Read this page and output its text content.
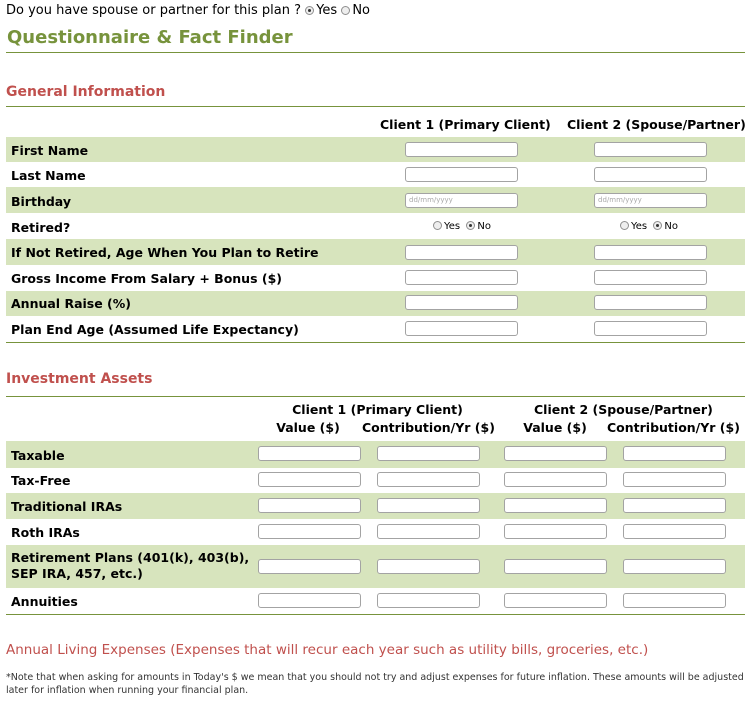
Do you have spouse or partner for this plan ? Yes No
Questionnaire & Fact Finder
General Information
Client 1 (Primary Client) Client 2 (Spouse/Partner)
First Name
Last Name
Birthday	dd/mm/yyyy	dd/mm/yyyy
Retired?	Yes No	Yes No
If Not Retired, Age When You Plan to Retire
Gross Income From Salary + Bonus ($)
Annual Raise (%)
Plan End Age (Assumed Life Expectancy)
Investment Assets
Client 1 (Primary Client)	Client 2 (Spouse/Partner)
Value ($)	Contribution/Yr ($)	Value ($)	Contribution/Yr ($)
Taxable
Tax-Free
Traditional IRAs
Roth IRAs
Retirement Plans (401(k), 403(b), SEP IRA, 457, etc.)
Annuities
Annual Living Expenses (Expenses that will recur each year such as utility bills, groceries, etc.)
*Note that when asking for amounts in Today's $ we mean that you should not try and adjust expenses for future inflation. These amounts will be adjusted later for inflation when running your financial plan.
